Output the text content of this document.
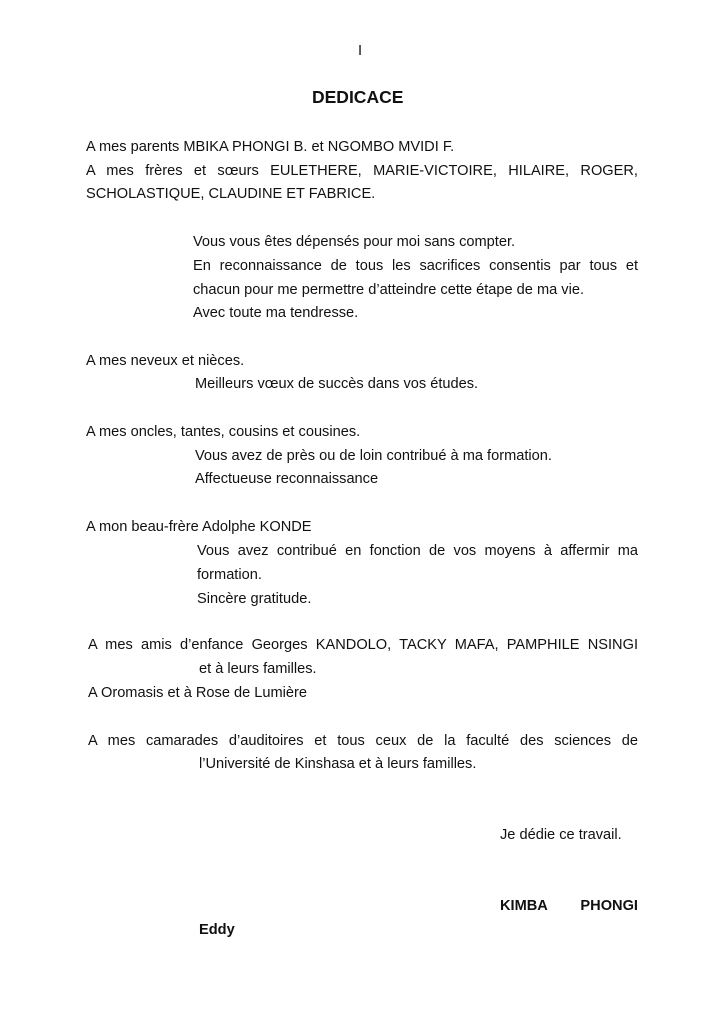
I
DEDICACE
A mes parents MBIKA PHONGI B. et NGOMBO MVIDI F.
A mes frères et sœurs EULETHERE, MARIE-VICTOIRE, HILAIRE, ROGER,
SCHOLASTIQUE, CLAUDINE ET FABRICE.
Vous vous êtes dépensés pour moi sans compter.
En reconnaissance de tous les sacrifices consentis par tous et
chacun pour me permettre d’atteindre cette étape de ma vie.
Avec toute ma tendresse.
A mes neveux et nièces.
Meilleurs vœux de succès dans vos études.
A mes oncles, tantes, cousins et cousines.
Vous avez de près ou de loin contribué à ma formation.
Affectueuse reconnaissance
A mon beau-frère Adolphe KONDE
Vous avez contribué en fonction de vos moyens à affermir ma
formation.
Sincère gratitude.
A mes amis d’enfance Georges KANDOLO, TACKY MAFA, PAMPHILE NSINGI
et à leurs familles.
A Oromasis et à Rose de Lumière
A mes camarades d’auditoires et tous ceux de la faculté des sciences de
l’Université de Kinshasa et à leurs familles.
Je dédie ce travail.
KIMBA PHONGI
Eddy
